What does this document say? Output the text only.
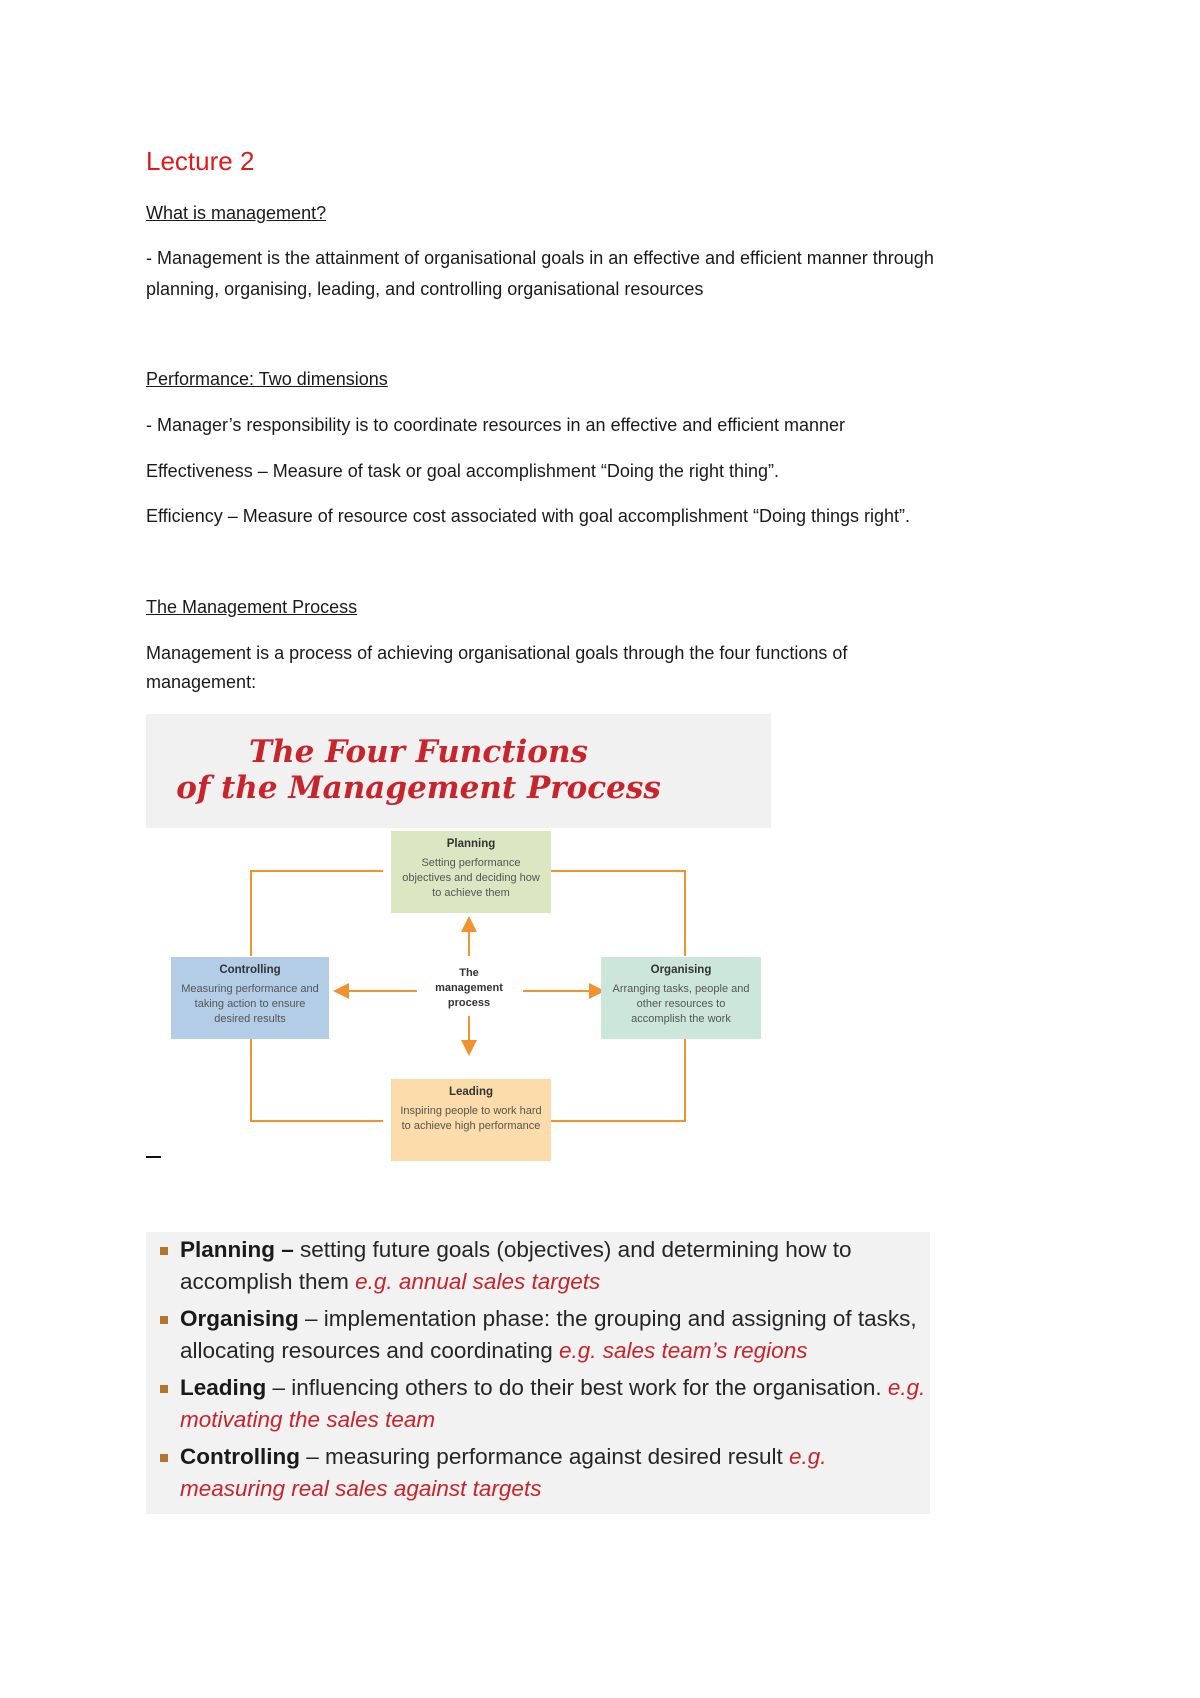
Lecture 2
What is management?
- Management is the attainment of organisational goals in an effective and efficient manner through
planning, organising, leading, and controlling organisational resources
Performance: Two dimensions
- Manager’s responsibility is to coordinate resources in an effective and efficient manner
Effectiveness – Measure of task or goal accomplishment “Doing the right thing”.
Efficiency – Measure of resource cost associated with goal accomplishment “Doing things right”.
The Management Process
Management is a process of achieving organisational goals through the four functions of
management:
The Four Functions
of the Management Process
Planning
Setting performance objectives and deciding how to achieve them
Controlling
Measuring performance and taking action to ensure desired results
Organising
Arranging tasks, people and other resources to accomplish the work
Leading
Inspiring people to work hard to achieve high performance
The
management
process
Planning – setting future goals (objectives) and determining how to accomplish them e.g. annual sales targets
Organising – implementation phase: the grouping and assigning of tasks, allocating resources and coordinating e.g. sales team’s regions
Leading – influencing others to do their best work for the organisation. e.g. motivating the sales team
Controlling – measuring performance against desired result e.g. measuring real sales against targets
